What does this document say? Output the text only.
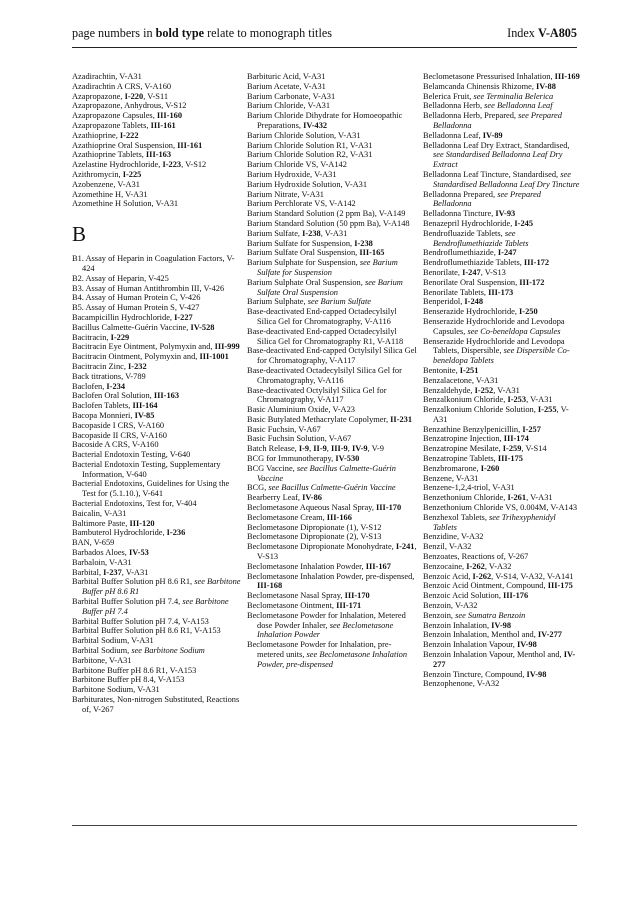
page numbers in bold type relate to monograph titles	Index V-A805
Azadirachtin, V-A31
Azadirachtin A CRS, V-A160
Azapropazone, I-220, V-S11
Azapropazone, Anhydrous, V-S12
Azapropazone Capsules, III-160
Azapropazone Tablets, III-161
Azathioprine, I-222
Azathioprine Oral Suspension, III-161
Azathioprine Tablets, III-163
Azelastine Hydrochloride, I-223, V-S12
Azithromycin, I-225
Azobenzene, V-A31
Azomethine H, V-A31
Azomethine H Solution, V-A31
B
B1. Assay of Heparin in Coagulation Factors, V-424
B2. Assay of Heparin, V-425
B3. Assay of Human Antithrombin III, V-426
B4. Assay of Human Protein C, V-426
B5. Assay of Human Protein S, V-427
Bacampicillin Hydrochloride, I-227
Bacillus Calmette-Guérin Vaccine, IV-528
Bacitracin, I-229
Bacitracin Eye Ointment, Polymyxin and, III-999
Bacitracin Ointment, Polymyxin and, III-1001
Bacitracin Zinc, I-232
Back titrations, V-789
Baclofen, I-234
Baclofen Oral Solution, III-163
Baclofen Tablets, III-164
Bacopa Monnieri, IV-85
Bacopaside I CRS, V-A160
Bacopaside II CRS, V-A160
Bacoside A CRS, V-A160
Bacterial Endotoxin Testing, V-640
Bacterial Endotoxin Testing, Supplementary Information, V-640
Bacterial Endotoxins, Guidelines for Using the Test for (5.1.10.), V-641
Bacterial Endotoxins, Test for, V-404
Baicalin, V-A31
Baltimore Paste, III-120
Bambuterol Hydrochloride, I-236
BAN, V-659
Barbados Aloes, IV-53
Barbaloin, V-A31
Barbital, I-237, V-A31
Barbital Buffer Solution pH 8.6 R1, see Barbitone Buffer pH 8.6 R1
Barbital Buffer Solution pH 7.4, see Barbitone Buffer pH 7.4
Barbital Buffer Solution pH 7.4, V-A153
Barbital Buffer Solution pH 8.6 R1, V-A153
Barbital Sodium, V-A31
Barbital Sodium, see Barbitone Sodium
Barbitone, V-A31
Barbitone Buffer pH 8.6 R1, V-A153
Barbitone Buffer pH 8.4, V-A153
Barbitone Sodium, V-A31
Barbiturates, Non-nitrogen Substituted, Reactions of, V-267
Barbituric Acid, V-A31
Barium Acetate, V-A31
Barium Carbonate, V-A31
Barium Chloride, V-A31
Barium Chloride Dihydrate for Homoeopathic Preparations, IV-432
Barium Chloride Solution, V-A31
Barium Chloride Solution R1, V-A31
Barium Chloride Solution R2, V-A31
Barium Chloride VS, V-A142
Barium Hydroxide, V-A31
Barium Hydroxide Solution, V-A31
Barium Nitrate, V-A31
Barium Perchlorate VS, V-A142
Barium Standard Solution (2 ppm Ba), V-A149
Barium Standard Solution (50 ppm Ba), V-A148
Barium Sulfate, I-238, V-A31
Barium Sulfate for Suspension, I-238
Barium Sulfate Oral Suspension, III-165
Barium Sulphate for Suspension, see Barium Sulfate for Suspension
Barium Sulphate Oral Suspension, see Barium Sulfate Oral Suspension
Barium Sulphate, see Barium Sulfate
Base-deactivated End-capped Octadecylsilyl Silica Gel for Chromatography, V-A116
Base-deactivated End-capped Octadecylsilyl Silica Gel for Chromatography R1, V-A118
Base-deactivated End-capped Octylsilyl Silica Gel for Chromatography, V-A117
Base-deactivated Octadecylsilyl Silica Gel for Chromatography, V-A116
Base-deactivated Octylsilyl Silica Gel for Chromatography, V-A117
Basic Aluminium Oxide, V-A23
Basic Butylated Methacrylate Copolymer, II-231
Basic Fuchsin, V-A67
Basic Fuchsin Solution, V-A67
Batch Release, I-9, II-9, III-9, IV-9, V-9
BCG for Immunotherapy, IV-530
BCG Vaccine, see Bacillus Calmette-Guérin Vaccine
BCG, see Bacillus Calmette-Guérin Vaccine
Bearberry Leaf, IV-86
Beclometasone Aqueous Nasal Spray, III-170
Beclometasone Cream, III-166
Beclometasone Dipropionate (1), V-S12
Beclometasone Dipropionate (2), V-S13
Beclometasone Dipropionate Monohydrate, I-241, V-S13
Beclometasone Inhalation Powder, III-167
Beclometasone Inhalation Powder, pre-dispensed, III-168
Beclometasone Nasal Spray, III-170
Beclometasone Ointment, III-171
Beclometasone Powder for Inhalation, Metered dose Powder Inhaler, see Beclometasone Inhalation Powder
Beclometasone Powder for Inhalation, pre-metered units, see Beclometasone Inhalation Powder, pre-dispensed
Beclometasone Pressurised Inhalation, III-169
Belamcanda Chinensis Rhizome, IV-88
Belerica Fruit, see Terminalia Belerica
Belladonna Herb, see Belladonna Leaf
Belladonna Herb, Prepared, see Prepared Belladonna
Belladonna Leaf, IV-89
Belladonna Leaf Dry Extract, Standardised, see Standardised Belladonna Leaf Dry Extract
Belladonna Leaf Tincture, Standardised, see Standardised Belladonna Leaf Dry Tincture
Belladonna Prepared, see Prepared Belladonna
Belladonna Tincture, IV-93
Benazepril Hydrochloride, I-245
Bendrofluazide Tablets, see Bendroflumethiazide Tablets
Bendroflumethiazide, I-247
Bendroflumethiazide Tablets, III-172
Benorilate, I-247, V-S13
Benorilate Oral Suspension, III-172
Benorilate Tablets, III-173
Benperidol, I-248
Benserazide Hydrochloride, I-250
Benserazide Hydrochloride and Levodopa Capsules, see Co-beneldopa Capsules
Benserazide Hydrochloride and Levodopa Tablets, Dispersible, see Dispersible Co-beneldopa Tablets
Bentonite, I-251
Benzalacetone, V-A31
Benzaldehyde, I-252, V-A31
Benzalkonium Chloride, I-253, V-A31
Benzalkonium Chloride Solution, I-255, V-A31
Benzathine Benzylpenicillin, I-257
Benzatropine Injection, III-174
Benzatropine Mesilate, I-259, V-S14
Benzatropine Tablets, III-175
Benzbromarone, I-260
Benzene, V-A31
Benzene-1,2,4-triol, V-A31
Benzethonium Chloride, I-261, V-A31
Benzethonium Chloride VS, 0.004M, V-A143
Benzhexol Tablets, see Trihexyphenidyl Tablets
Benzidine, V-A32
Benzil, V-A32
Benzoates, Reactions of, V-267
Benzocaine, I-262, V-A32
Benzoic Acid, I-262, V-S14, V-A32, V-A141
Benzoic Acid Ointment, Compound, III-175
Benzoic Acid Solution, III-176
Benzoin, V-A32
Benzoin, see Sumatra Benzoin
Benzoin Inhalation, IV-98
Benzoin Inhalation, Menthol and, IV-277
Benzoin Inhalation Vapour, IV-98
Benzoin Inhalation Vapour, Menthol and, IV-277
Benzoin Tincture, Compound, IV-98
Benzophenone, V-A32
